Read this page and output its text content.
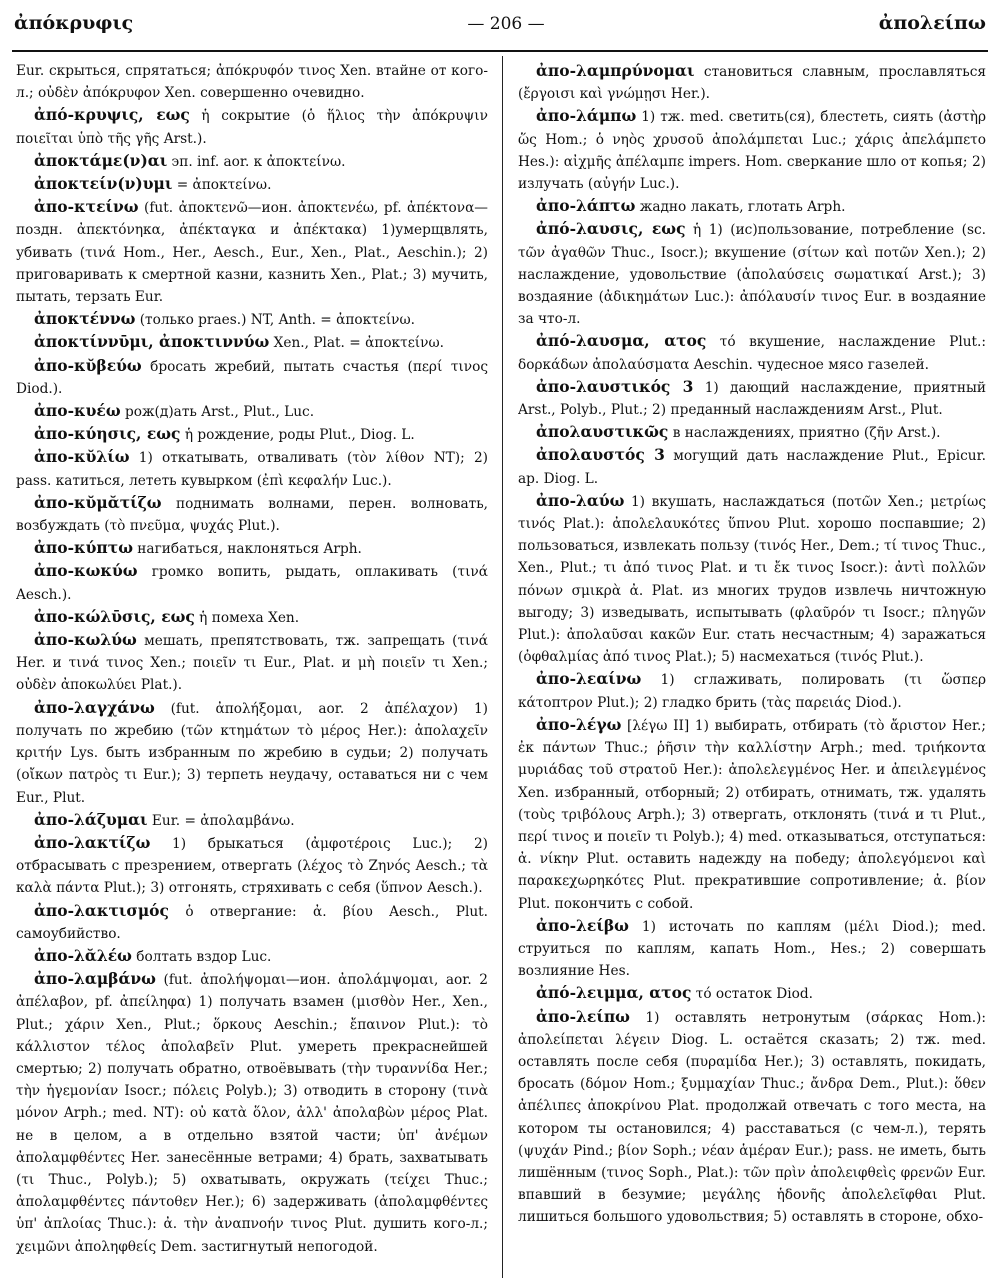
ἀπόκρυφις	— 206 —	ἀπολείπω

Eur. скрыться, спрятаться; ἀπόκρυφόν τινος Xen. втайне от кого-л.; οὐδὲν ἀπόκρυφον Xen. совершенно очевидно.

ἀπό-κρυψις, εως ἡ сокрытие (ὁ ἥλιος τὴν ἀπόκρυψιν ποιεῖται ὑπὸ τῆς γῆς Arst.).

ἀποκτάμε(ν)αι эп. inf. aor. к ἀποκτείνω.

ἀποκτείν(ν)υμι = ἀποκτείνω.

ἀπο-κτείνω (fut. ἀποκτενῶ—ион. ἀποκτενέω, pf. ἀπέκτονα—поздн. ἀπεκτόνηκα, ἀπέκταγκα и ἀπέκτακα) 1)умерщвлять, убивать (τινά Hom., Her., Aesch., Eur., Xen., Plat., Aeschin.); 2) приговаривать к смертной казни, казнить Xen., Plat.; 3) мучить, пытать, терзать Eur.

ἀποκτέννω (только praes.) NT, Anth. = ἀποκτείνω.

ἀποκτίννῡμι, ἀποκτιννύω Xen., Plat. = ἀποκτείνω.

ἀπο-κῠβεύω бросать жребий, пытать счастья (περί τινος Diod.).

ἀπο-κυέω рож(д)ать Arst., Plut., Luc.

ἀπο-κύησις, εως ἡ рождение, роды Plut., Diog. L.

ἀπο-κῠλίω 1) откатывать, отваливать (τὸν λίθον NT); 2) pass. катиться, лететь кувырком (ἐπὶ κεφαλήν Luc.).

ἀπο-κῠμᾰτίζω поднимать волнами, перен. волновать, возбуждать (τὸ πνεῦμα, ψυχάς Plut.).

ἀπο-κύπτω нагибаться, наклоняться Arph.

ἀπο-κωκύω громко вопить, рыдать, оплакивать (τινά Aesch.).

ἀπο-κώλῡσις, εως ἡ помеха Xen.

ἀπο-κωλύω мешать, препятствовать, тж. запрещать (τινά Her. и τινά τινος Xen.; ποιεῖν τι Eur., Plat. и μὴ ποιεῖν τι Xen.; οὐδὲν ἀποκωλύει Plat.).

ἀπο-λαγχάνω (fut. ἀπολήξομαι, aor. 2 ἀπέλαχον) 1) получать по жребию (τῶν κτημάτων τὸ μέρος Her.): ἀπολαχεῖν κριτήν Lys. быть избранным по жребию в судьи; 2) получать (οἴκων πατρὸς τι Eur.); 3) терпеть неудачу, оставаться ни с чем Eur., Plut.

ἀπο-λάζυμαι Eur. = ἀπολαμβάνω.

ἀπο-λακτίζω 1) брыкаться (ἀμφοτέροις Luc.); 2) отбрасывать с презрением, отвергать (λέχος τὸ Ζηνός Aesch.; τὰ καλὰ πάντα Plut.); 3) отгонять, стряхивать с себя (ὕπνον Aesch.).

ἀπο-λακτισμός ὁ отвергание: ἀ. βίου Aesch., Plut. самоубийство.

ἀπο-λᾰλέω болтать вздор Luc.

ἀπο-λαμβάνω (fut. ἀπολήψομαι—ион. ἀπολάμψομαι, aor. 2 ἀπέλαβον, pf. ἀπείληφα) 1) получать взамен (μισθὸν Her., Xen., Plut.; χάριν Xen., Plut.; ὅρκους Aeschin.; ἔπαινον Plut.): τὸ κάλλιστον τέλος ἀπολαβεῖν Plut. умереть прекраснейшей смертью; 2) получать обратно, отвоёвывать (τὴν τυραννίδα Her.; τὴν ἡγεμονίαν Isocr.; πόλεις Polyb.); 3) отводить в сторону (τινὰ μόνον Arph.; med. NT): οὐ κατὰ ὅλον, ἀλλ' ἀπολαβὼν μέρος Plat. не в целом, а в отдельно взятой части; ὑπ' ἀνέμων ἀπολαμφθέντες Her. занесённые ветрами; 4) брать, захватывать (τι Thuc., Polyb.); 5) охватывать, окружать (τείχει Thuc.; ἀπολαμφθέντες πάντοθεν Her.); 6) задерживать (ἀπολαμφθέντες ὑπ' ἀπλοίας Thuc.): ἀ. τὴν ἀναπνοήν τινος Plut. душить кого-л.; χειμῶνι ἀποληφθείς Dem. застигнутый непогодой.

ἀπο-λαμπρύνομαι становиться славным, прославляться (ἔργοισι καὶ γνώμῃσι Her.).

ἀπο-λάμπω 1) тж. med. светить(ся), блестеть, сиять (ἀστὴρ ὥς Hom.; ὁ νηὸς χρυσοῦ ἀπολάμπεται Luc.; χάρις ἀπελάμπετο Hes.): αἰχμῆς ἀπέλαμπε impers. Hom. сверкание шло от копья; 2) излучать (αὐγήν Luc.).

ἀπο-λάπτω жадно лакать, глотать Arph.

ἀπό-λαυσις, εως ἡ 1) (ис)пользование, потребление (sc. τῶν ἀγαθῶν Thuc., Isocr.); вкушение (σίτων καὶ ποτῶν Xen.); 2) наслаждение, удовольствие (ἀπολαύσεις σωματικαί Arst.); 3) воздаяние (ἀδικημάτων Luc.): ἀπόλαυσίν τινος Eur. в воздаяние за что-л.

ἀπό-λαυσμα, ατος τό вкушение, наслаждение Plut.: δορκάδων ἀπολαύσματα Aeschin. чудесное мясо газелей.

ἀπο-λαυστικός 3 1) дающий наслаждение, приятный Arst., Polyb., Plut.; 2) преданный наслаждениям Arst., Plut.

ἀπολαυστικῶς в наслаждениях, приятно (ζῆν Arst.).

ἀπολαυστός 3 могущий дать наслаждение Plut., Epicur. ap. Diog. L.

ἀπο-λαύω 1) вкушать, наслаждаться (ποτῶν Xen.; μετρίως τινός Plat.): ἀπολελαυκότες ὕπνου Plut. хорошо поспавшие; 2) пользоваться, извлекать пользу (τινός Her., Dem.; τί τινος Thuc., Xen., Plut.; τι ἀπό τινος Plat. и τι ἔκ τινος Isocr.): ἀντὶ πολλῶν πόνων σμικρὰ ἀ. Plat. из многих трудов извлечь ничтожную выгоду; 3) изведывать, испытывать (φλαῦρόν τι Isocr.; πληγῶν Plut.): ἀπολαῦσαι κακῶν Eur. стать несчастным; 4) заражаться (ὀφθαλμίας ἀπό τινος Plat.); 5) насмехаться (τινός Plut.).

ἀπο-λεαίνω 1) сглаживать, полировать (τι ὥσπερ κάτοπτρον Plut.); 2) гладко брить (τὰς παρειάς Diod.).

ἀπο-λέγω [λέγω II] 1) выбирать, отбирать (τὸ ἄριστον Her.; ἐκ πάντων Thuc.; ῥῆσιν τὴν καλλίστην Arph.; med. τριήκοντα μυριάδας τοῦ στρατοῦ Her.): ἀπολελεγμένος Her. и ἀπειλεγμένος Xen. избранный, отборный; 2) отбирать, отнимать, тж. удалять (τοὺς τριβόλους Arph.); 3) отвергать, отклонять (τινά и τι Plut., περί τινος и ποιεῖν τι Polyb.); 4) med. отказываться, отступаться: ἀ. νίκην Plut. оставить надежду на победу; ἀπολεγόμενοι καὶ παρακεχωρηκότες Plut. прекратившие сопротивление; ἀ. βίον Plut. покончить с собой.

ἀπο-λείβω 1) источать по каплям (μέλι Diod.); med. струиться по каплям, капать Hom., Hes.; 2) совершать возлияние Hes.

ἀπό-λειμμα, ατος τό остаток Diod.

ἀπο-λείπω 1) оставлять нетронутым (σάρκας Hom.): ἀπολείπεται λέγειν Diog. L. остаётся сказать; 2) тж. med. оставлять после себя (πυραμίδα Her.); 3) оставлять, покидать, бросать (δόμον Hom.; ξυμμαχίαν Thuc.; ἄνδρα Dem., Plut.): ὅθεν ἀπέλιπες ἀποκρίνου Plat. продолжай отвечать с того места, на котором ты остановился; 4) расставаться (с чем-л.), терять (ψυχάν Pind.; βίον Soph.; νέαν ἁμέραν Eur.); pass. не иметь, быть лишённым (τινος Soph., Plat.): τῶν πρὶν ἀπολειφθεὶς φρενῶν Eur. впавший в безумие; μεγάλης ἡδονῆς ἀπολελεῖφθαι Plut. лишиться большого удовольствия; 5) оставлять в стороне, обхо-
